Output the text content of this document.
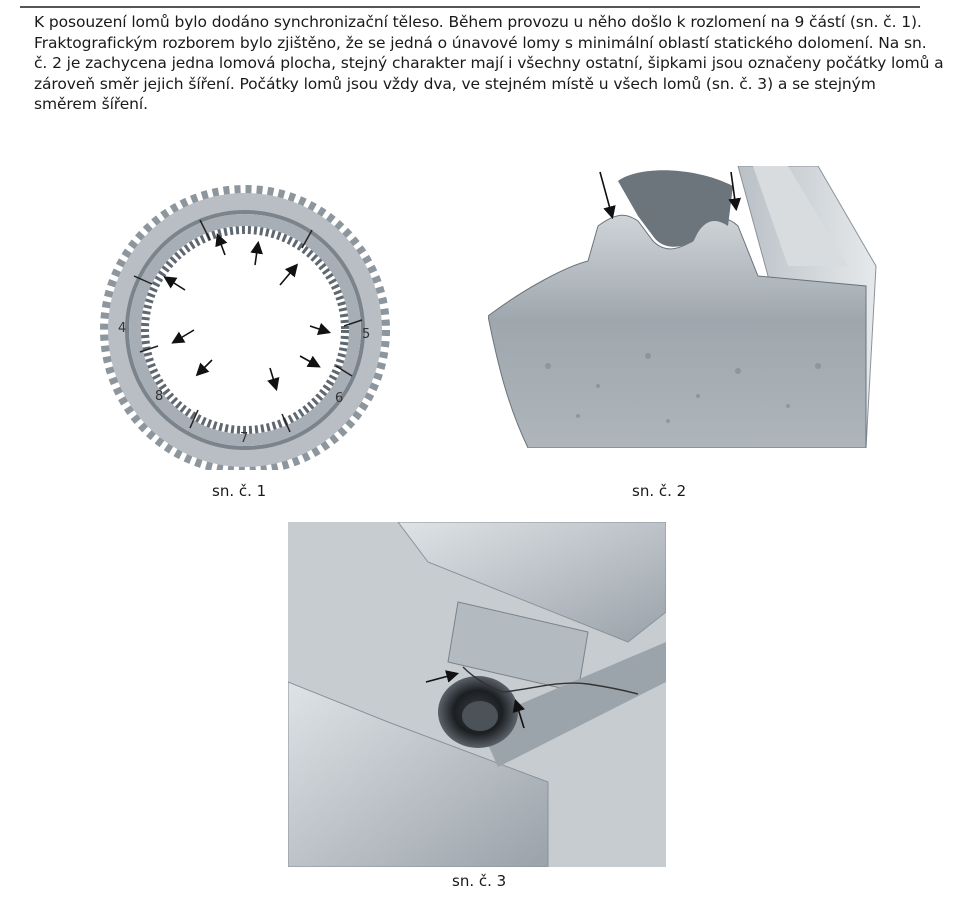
K posouzení lomů bylo dodáno synchronizační těleso. Během provozu u něho došlo k rozlomení na 9 částí (sn. č. 1).
Fraktografickým rozborem bylo zjištěno, že se jedná o únavové lomy s minimální oblastí statického dolomení. Na sn.
č. 2 je zachycena jedna lomová plocha, stejný charakter mají i všechny ostatní, šipkami jsou označeny počátky lomů a
zároveň směr jejich šíření. Počátky lomů jsou vždy dva, ve stejném místě u všech lomů (sn. č. 3) a se stejným
směrem šíření.
4	5
6
7
8
sn. č. 1	sn. č. 2
sn. č. 3
